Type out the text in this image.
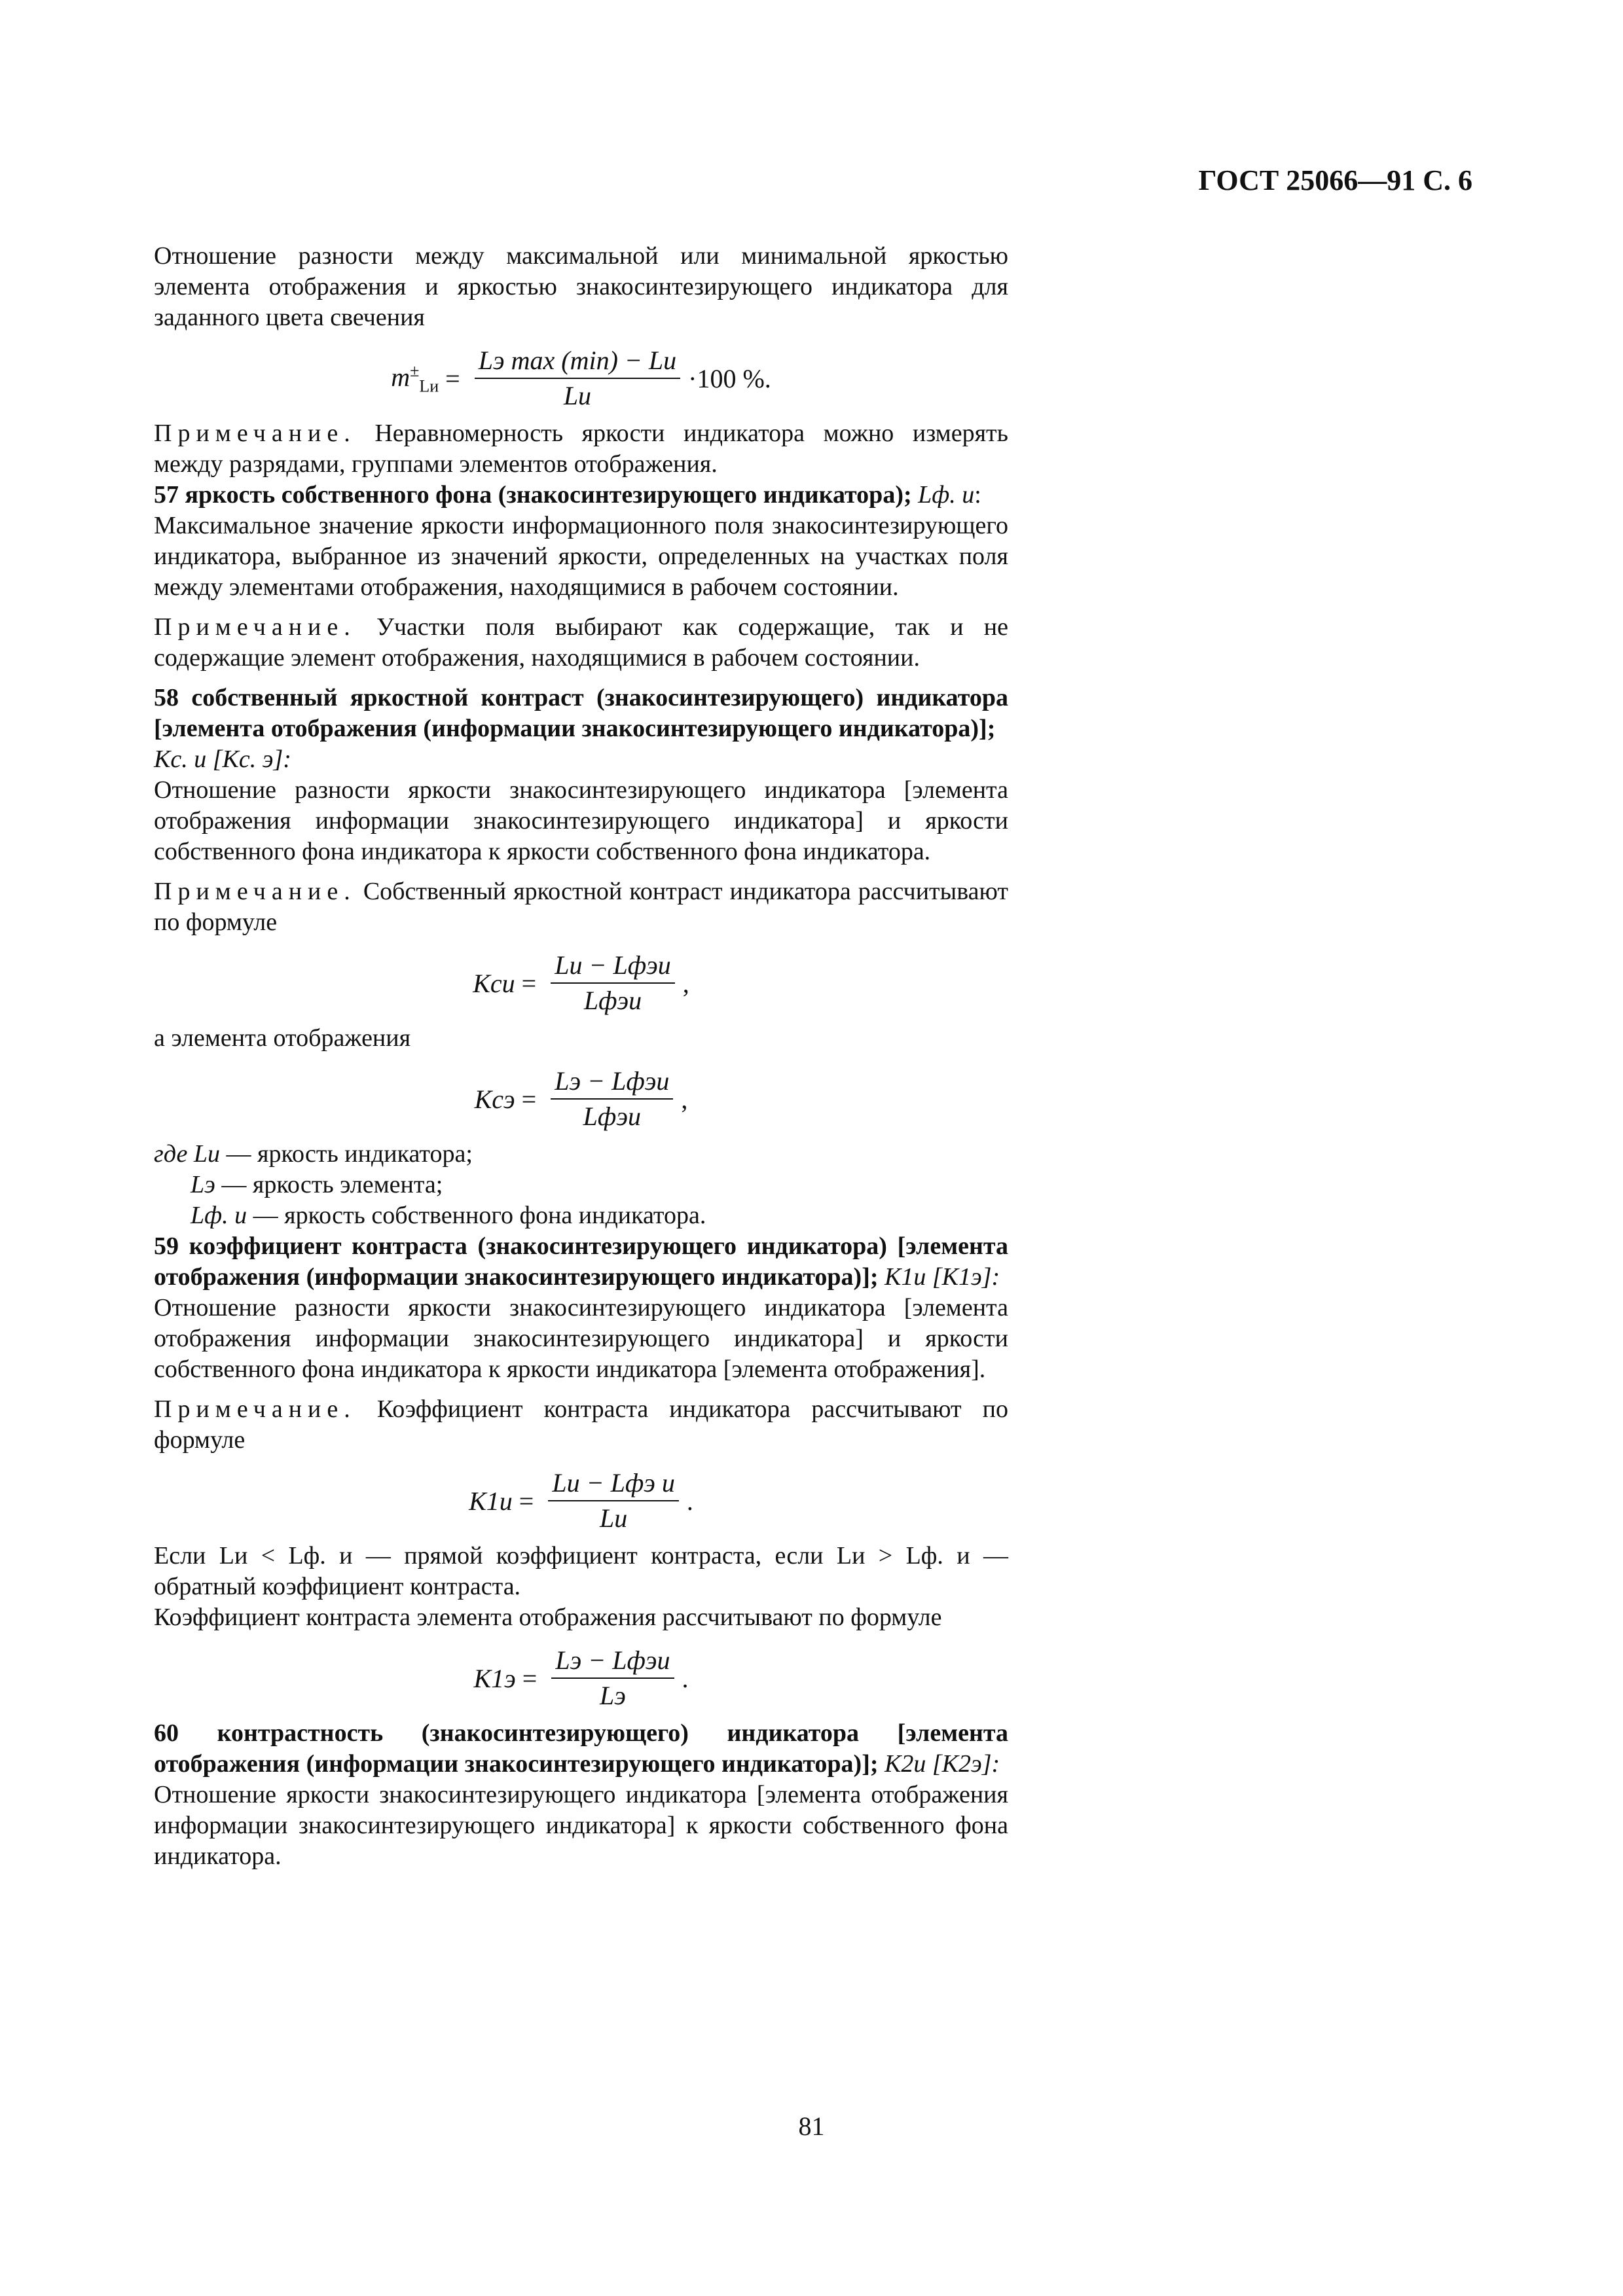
ГОСТ 25066—91 С. 6

Отношение разности между максимальной или минимальной яркостью элемента отображения и яркостью знакосинтезирующего индикатора для заданного цвета свечения

$m^\pm_{Lи} = \frac{\text{Lэ max (min) − Lи}}{Lи} \cdot 100$ %.

Примечание. Неравномерность яркости индикатора можно измерять между разрядами, группами элементов отображения.

57 яркость собственного фона (знакосинтезирующего индикатора); Lф. и:

Максимальное значение яркости информационного поля знакосинтезирующего индикатора, выбранное из значений яркости, определенных на участках поля между элементами отображения, находящимися в рабочем состоянии.

Примечание. Участки поля выбирают как содержащие, так и не содержащие элемент отображения, находящимися в рабочем состоянии.

58 собственный яркостной контраст (знакосинтезирующего) индикатора [элемента отображения (информации знакосинтезирующего индикатора)];

Kс. и [Kс. э]:

Отношение разности яркости знакосинтезирующего индикатора [элемента отображения информации знакосинтезирующего индикатора] и яркости собственного фона индикатора к яркости собственного фона индикатора.

Примечание. Собственный яркостной контраст индикатора рассчитывают по формуле

Kси = $\frac{\text{Lи − Lфэи}}{\text{Lфэи}}$ ,

а элемента отображения

Kсэ = $\frac{\text{Lэ − Lфэи}}{\text{Lфэи}}$ ,

где Lи — яркость индикатора;

Lэ — яркость элемента;

Lф. и — яркость собственного фона индикатора.

59 коэффициент контраста (знакосинтезирующего индикатора) [элемента отображения (информации знакосинтезирующего индикатора)]; K1и [K1э]:

Отношение разности яркости знакосинтезирующего индикатора [элемента отображения информации знакосинтезирующего индикатора] и яркости собственного фона индикатора к яркости индикатора [элемента отображения].

Примечание. Коэффициент контраста индикатора рассчитывают по формуле

$K1и = \frac{\text{Lи − Lфэ и}}{Lи}$ .

Если Lи < Lф. и — прямой коэффициент контраста, если Lи > Lф. и — обратный коэффициент контраста.

Коэффициент контраста элемента отображения рассчитывают по формуле

$K1э = \frac{\text{Lэ − Lфэи}}{Lэ}$ .

60 контрастность (знакосинтезирующего) индикатора [элемента отображения (информации знакосинтезирующего индикатора)]; K2и [K2э]:

Отношение яркости знакосинтезирующего индикатора [элемента отображения информации знакосинтезирующего индикатора] к яркости собственного фона индикатора.

81
